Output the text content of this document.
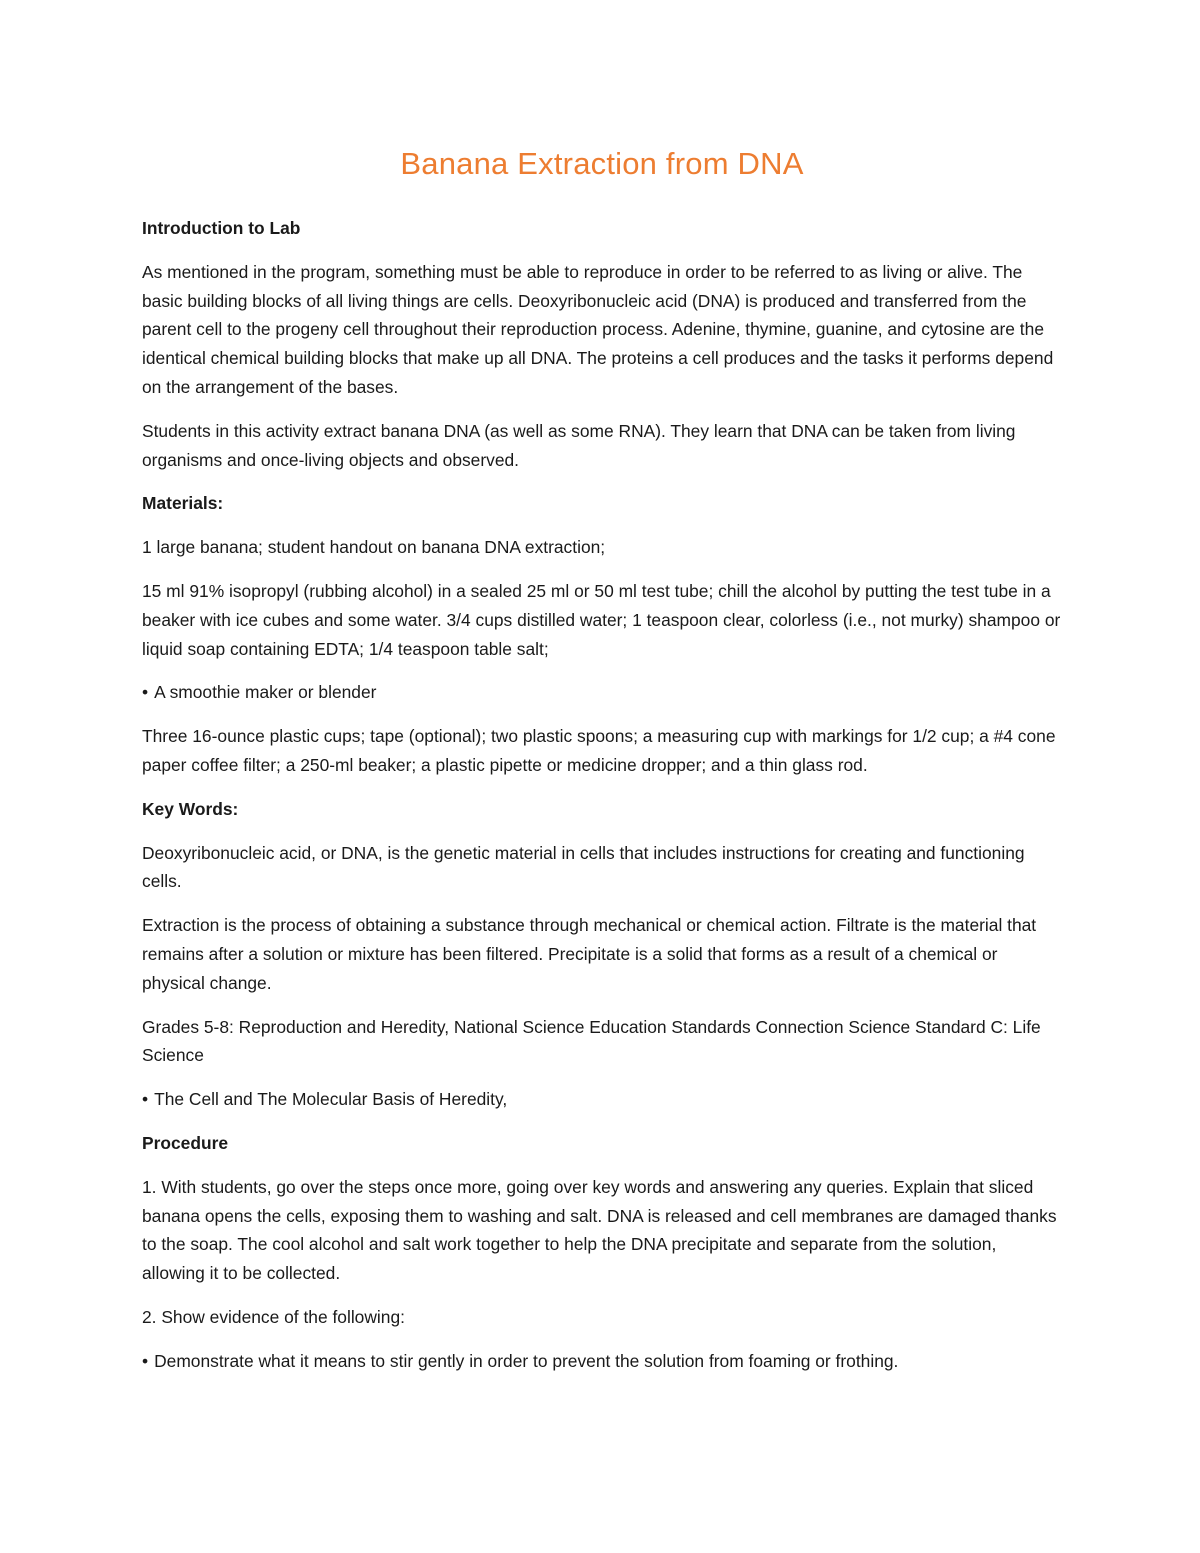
Banana Extraction from DNA
Introduction to Lab

As mentioned in the program, something must be able to reproduce in order to be referred to as living or alive. The basic building blocks of all living things are cells. Deoxyribonucleic acid (DNA) is produced and transferred from the parent cell to the progeny cell throughout their reproduction process. Adenine, thymine, guanine, and cytosine are the identical chemical building blocks that make up all DNA. The proteins a cell produces and the tasks it performs depend on the arrangement of the bases.

Students in this activity extract banana DNA (as well as some RNA). They learn that DNA can be taken from living organisms and once-living objects and observed.

Materials:

1 large banana; student handout on banana DNA extraction;

15 ml 91% isopropyl (rubbing alcohol) in a sealed 25 ml or 50 ml test tube; chill the alcohol by putting the test tube in a beaker with ice cubes and some water. 3/4 cups distilled water; 1 teaspoon clear, colorless (i.e., not murky) shampoo or liquid soap containing EDTA; 1/4 teaspoon table salt;

• A smoothie maker or blender

Three 16-ounce plastic cups; tape (optional); two plastic spoons; a measuring cup with markings for 1/2 cup; a #4 cone paper coffee filter; a 250-ml beaker; a plastic pipette or medicine dropper; and a thin glass rod.

Key Words:

Deoxyribonucleic acid, or DNA, is the genetic material in cells that includes instructions for creating and functioning cells.

Extraction is the process of obtaining a substance through mechanical or chemical action. Filtrate is the material that remains after a solution or mixture has been filtered. Precipitate is a solid that forms as a result of a chemical or physical change.

Grades 5-8: Reproduction and Heredity, National Science Education Standards Connection Science Standard C: Life Science

• The Cell and The Molecular Basis of Heredity,
Procedure

1. With students, go over the steps once more, going over key words and answering any queries. Explain that sliced banana opens the cells, exposing them to washing and salt. DNA is released and cell membranes are damaged thanks to the soap. The cool alcohol and salt work together to help the DNA precipitate and separate from the solution, allowing it to be collected.

2. Show evidence of the following:

• Demonstrate what it means to stir gently in order to prevent the solution from foaming or frothing.
